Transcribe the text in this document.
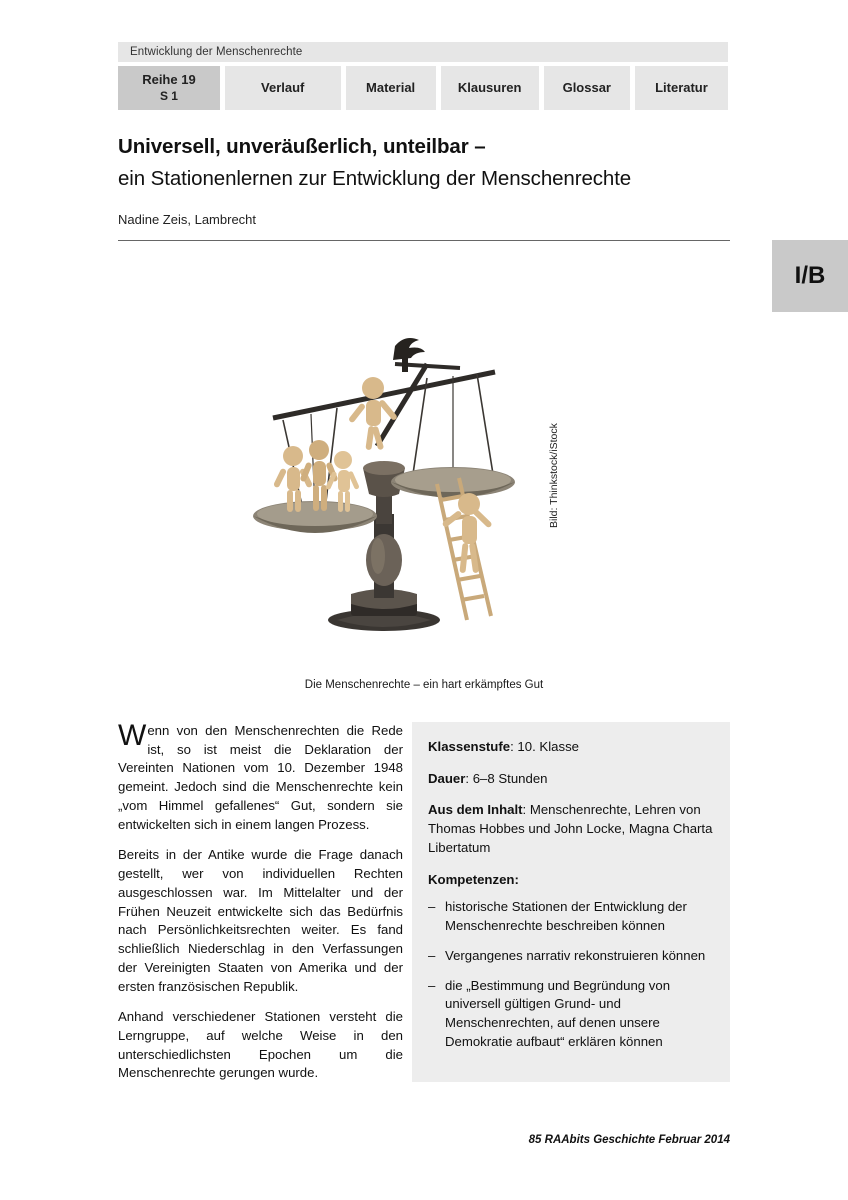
Entwicklung der Menschenrechte
Reihe 19
S 1
Verlauf	Material	Klausuren	Glossar	Literatur
I/B
Universell, unveräußerlich, unteilbar –
ein Stationenlernen zur Entwicklung der Menschenrechte
Nadine Zeis, Lambrecht
Bild: Thinkstock/iStock
Die Menschenrechte – ein hart erkämpftes Gut

Wenn von den Menschenrechten die Rede ist, so ist meist die Deklaration der Vereinten Nationen vom 10. Dezember 1948 gemeint. Jedoch sind die Menschenrechte kein „vom Himmel gefallenes“ Gut, sondern sie entwickelten sich in einem langen Prozess.

Bereits in der Antike wurde die Frage danach gestellt, wer von individuellen Rechten ausgeschlossen war. Im Mittelalter und der Frühen Neuzeit entwickelte sich das Bedürfnis nach Persönlichkeitsrechten weiter. Es fand schließlich Niederschlag in den Verfassungen der Vereinigten Staaten von Amerika und der ersten französischen Republik.

Anhand verschiedener Stationen versteht die Lerngruppe, auf welche Weise in den unterschiedlichsten Epochen um die Menschenrechte gerungen wurde.

Klassenstufe: 10. Klasse
Dauer: 6–8 Stunden
Aus dem Inhalt: Menschenrechte, Lehren von Thomas Hobbes und John Locke, Magna Charta Libertatum
Kompetenzen:
– historische Stationen der Entwicklung der Menschenrechte beschreiben können
– Vergangenes narrativ rekonstruieren können
– die „Bestimmung und Begründung von universell gültigen Grund- und Menschenrechten, auf denen unsere Demokratie aufbaut“ erklären können
85 RAAbits Geschichte Februar 2014
